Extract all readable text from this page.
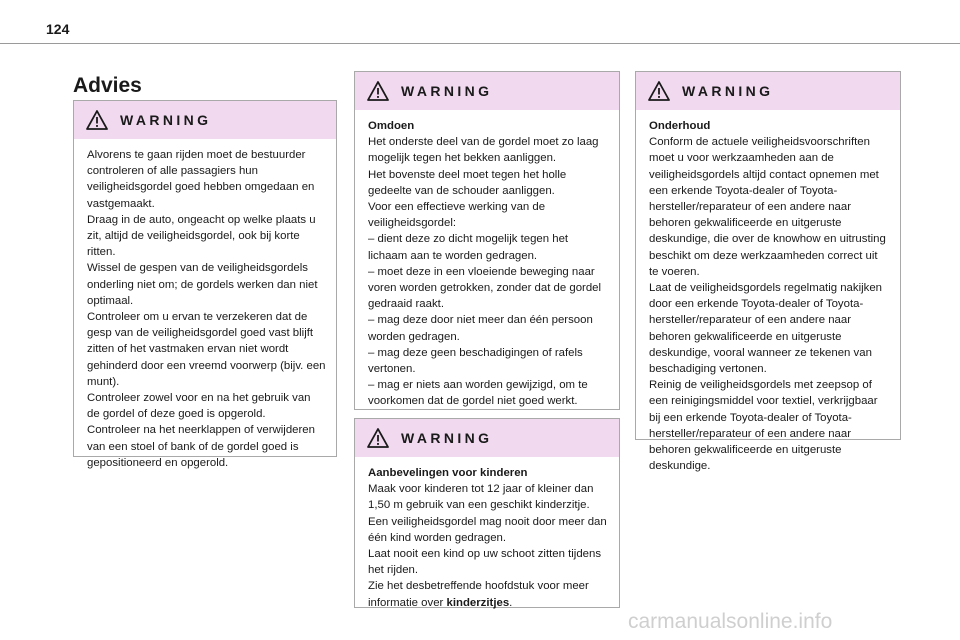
124
Advies
WARNING
Alvorens te gaan rijden moet de bestuurder controleren of alle passagiers hun veiligheidsgordel goed hebben omgedaan en vastgemaakt.
Draag in de auto, ongeacht op welke plaats u zit, altijd de veiligheidsgordel, ook bij korte ritten.
Wissel de gespen van de veiligheidsgordels onderling niet om; de gordels werken dan niet optimaal.
Controleer om u ervan te verzekeren dat de gesp van de veiligheidsgordel goed vast blijft zitten of het vastmaken ervan niet wordt gehinderd door een vreemd voorwerp (bijv. een munt).
Controleer zowel voor en na het gebruik van de gordel of deze goed is opgerold.
Controleer na het neerklappen of verwijderen van een stoel of bank of de gordel goed is gepositioneerd en opgerold.
WARNING
Omdoen
Het onderste deel van de gordel moet zo laag mogelijk tegen het bekken aanliggen.
Het bovenste deel moet tegen het holle gedeelte van de schouder aanliggen.
Voor een effectieve werking van de veiligheidsgordel:
– dient deze zo dicht mogelijk tegen het lichaam aan te worden gedragen.
– moet deze in een vloeiende beweging naar voren worden getrokken, zonder dat de gordel gedraaid raakt.
– mag deze door niet meer dan één persoon worden gedragen.
– mag deze geen beschadigingen of rafels vertonen.
– mag er niets aan worden gewijzigd, om te voorkomen dat de gordel niet goed werkt.
WARNING
Aanbevelingen voor kinderen
Maak voor kinderen tot 12 jaar of kleiner dan 1,50 m gebruik van een geschikt kinderzitje.
Een veiligheidsgordel mag nooit door meer dan één kind worden gedragen.
Laat nooit een kind op uw schoot zitten tijdens het rijden.
Zie het desbetreffende hoofdstuk voor meer informatie over kinderzitjes.
WARNING
Onderhoud
Conform de actuele veiligheidsvoorschriften moet u voor werkzaamheden aan de veiligheidsgordels altijd contact opnemen met een erkende Toyota-dealer of Toyota-hersteller/reparateur of een andere naar behoren gekwalificeerde en uitgeruste deskundige, die over de knowhow en uitrusting beschikt om deze werkzaamheden correct uit te voeren.
Laat de veiligheidsgordels regelmatig nakijken door een erkende Toyota-dealer of Toyota-hersteller/reparateur of een andere naar behoren gekwalificeerde en uitgeruste deskundige, vooral wanneer ze tekenen van beschadiging vertonen.
Reinig de veiligheidsgordels met zeepsop of een reinigingsmiddel voor textiel, verkrijgbaar bij een erkende Toyota-dealer of Toyota-hersteller/reparateur of een andere naar behoren gekwalificeerde en uitgeruste deskundige.
carmanualsonline.info
